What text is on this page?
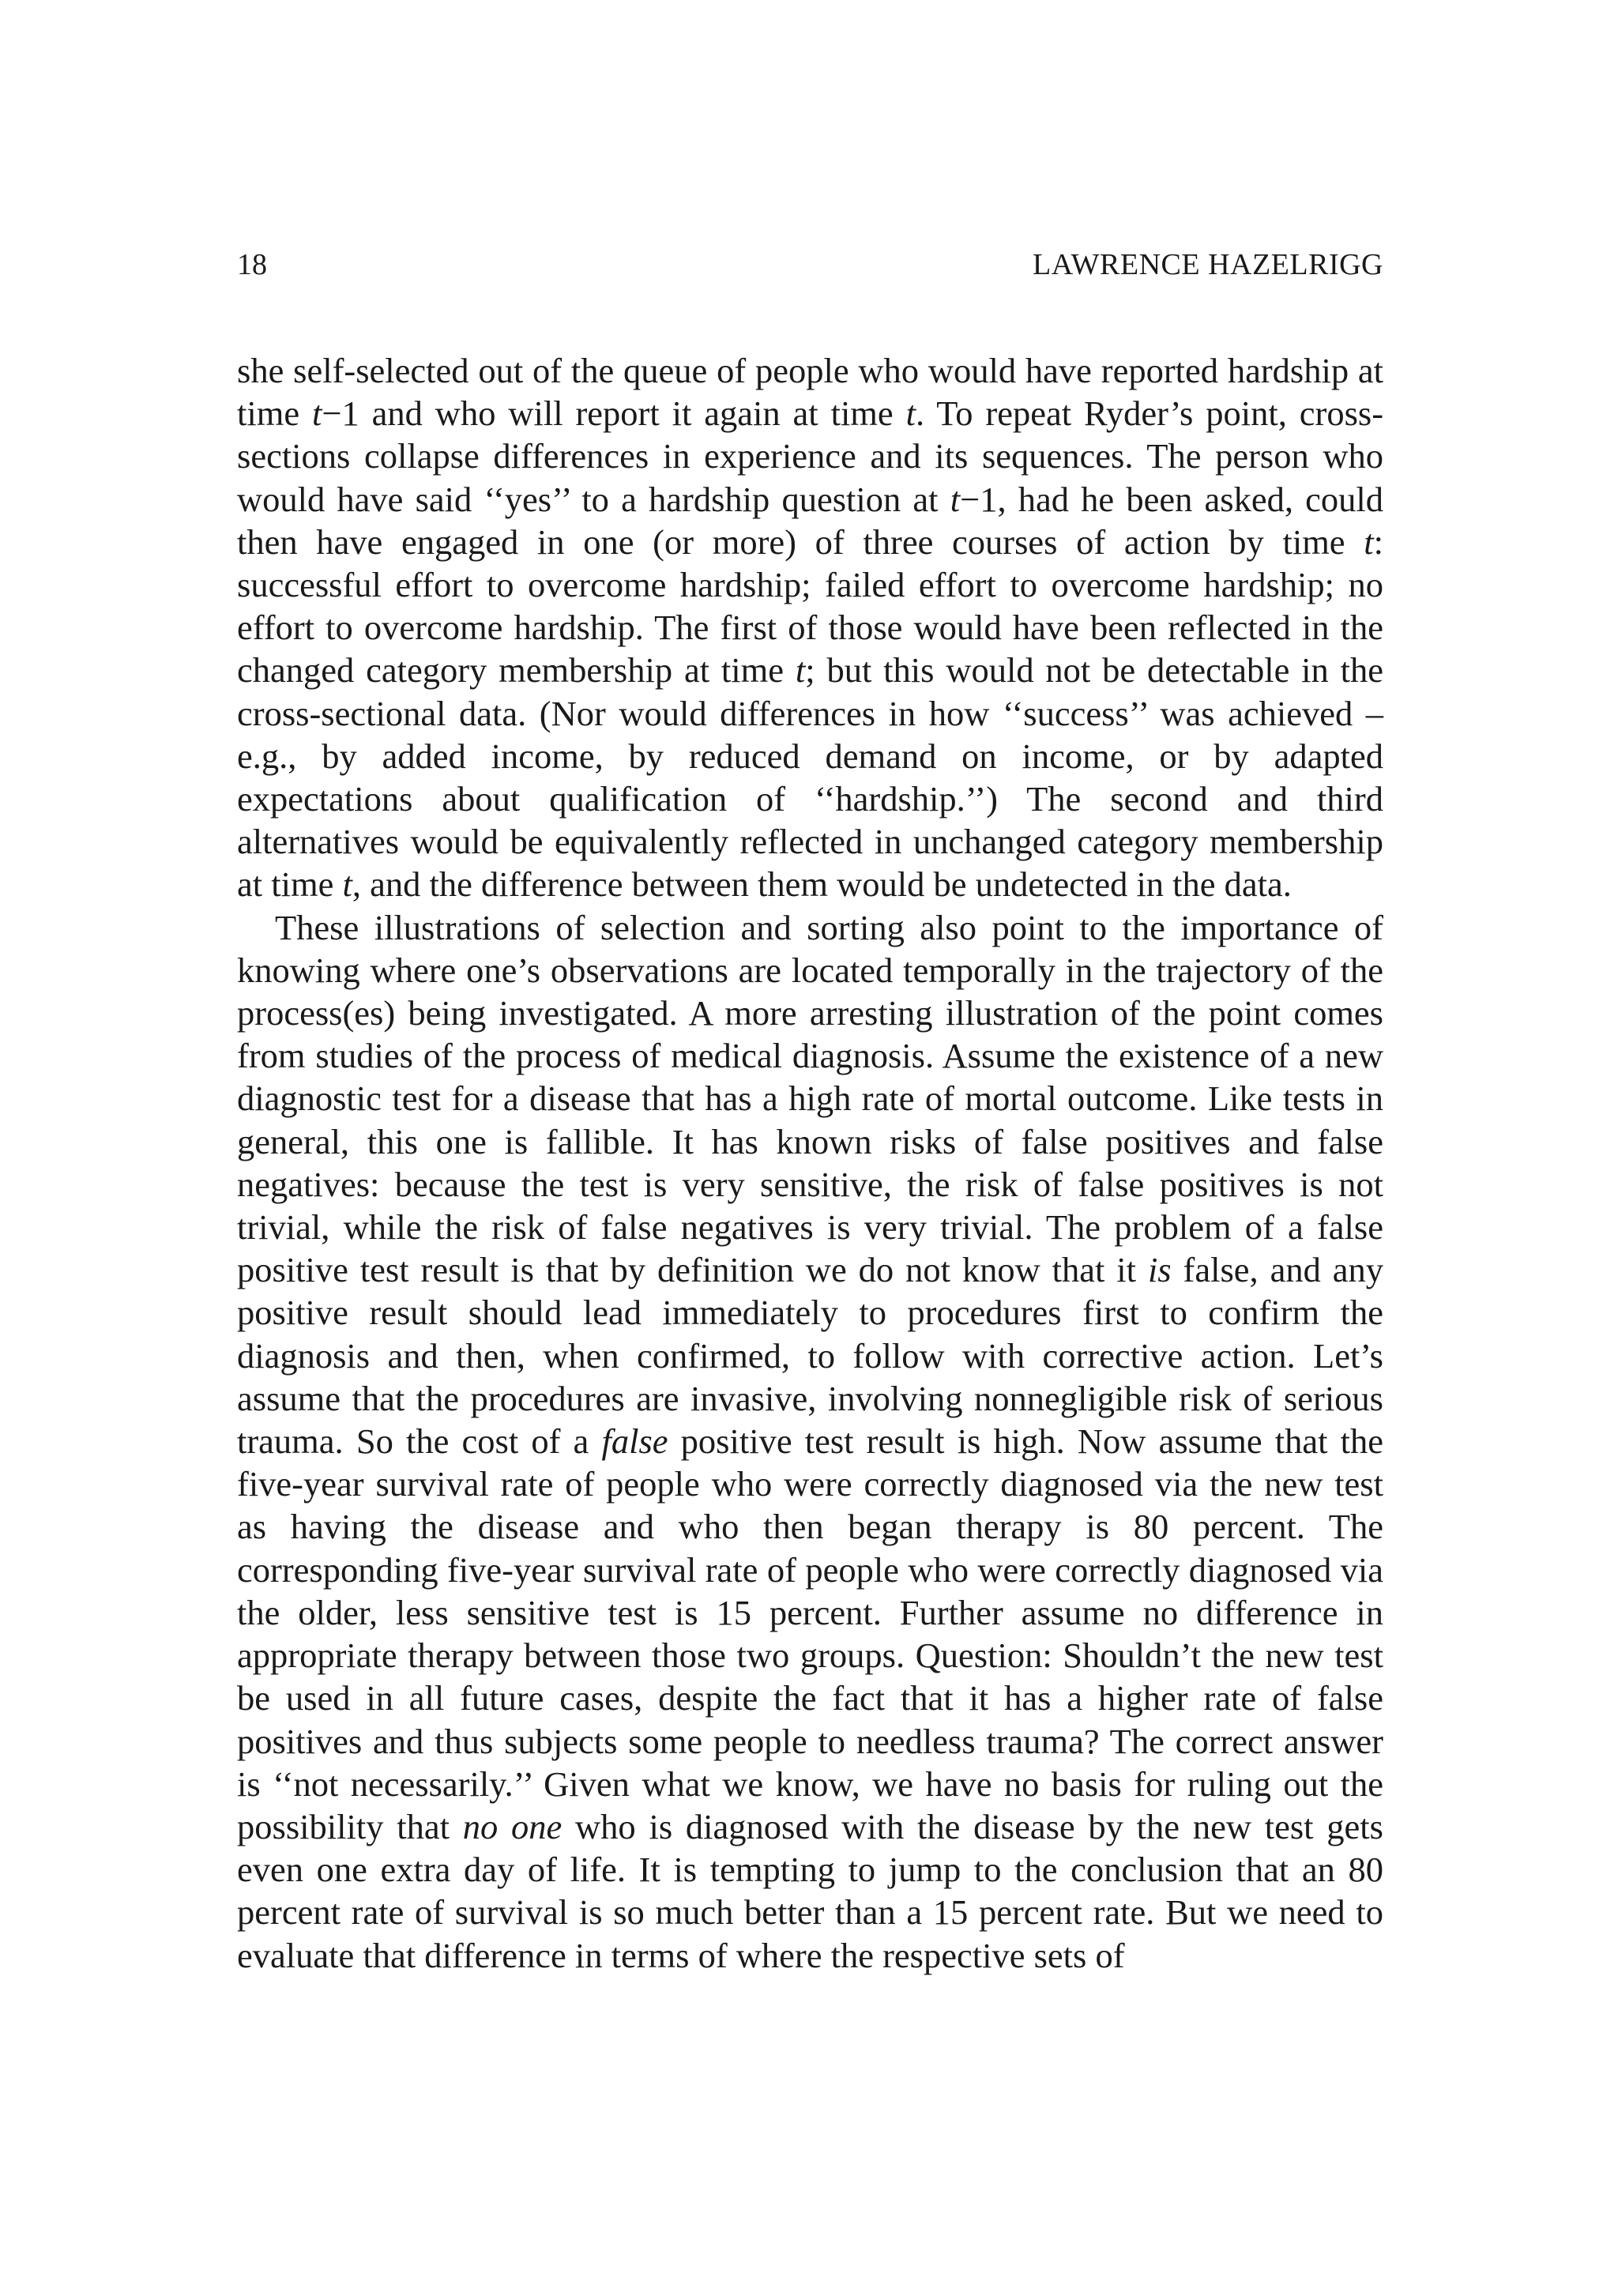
18	LAWRENCE HAZELRIGG

she self-selected out of the queue of people who would have reported hardship at time t−1 and who will report it again at time t. To repeat Ryder’s point, cross-sections collapse differences in experience and its sequences. The person who would have said ‘‘yes’’ to a hardship question at t−1, had he been asked, could then have engaged in one (or more) of three courses of action by time t: successful effort to overcome hardship; failed effort to overcome hardship; no effort to overcome hardship. The first of those would have been reflected in the changed category membership at time t; but this would not be detectable in the cross-sectional data. (Nor would differences in how ‘‘success’’ was achieved – e.g., by added income, by reduced demand on income, or by adapted expectations about qualification of ‘‘hardship.’’) The second and third alternatives would be equivalently reflected in unchanged category membership at time t, and the difference between them would be undetected in the data.

These illustrations of selection and sorting also point to the importance of knowing where one’s observations are located temporally in the trajectory of the process(es) being investigated. A more arresting illustration of the point comes from studies of the process of medical diagnosis. Assume the existence of a new diagnostic test for a disease that has a high rate of mortal outcome. Like tests in general, this one is fallible. It has known risks of false positives and false negatives: because the test is very sensitive, the risk of false positives is not trivial, while the risk of false negatives is very trivial. The problem of a false positive test result is that by definition we do not know that it is false, and any positive result should lead immediately to procedures first to confirm the diagnosis and then, when confirmed, to follow with corrective action. Let’s assume that the procedures are invasive, involving nonnegligible risk of serious trauma. So the cost of a false positive test result is high. Now assume that the five-year survival rate of people who were correctly diagnosed via the new test as having the disease and who then began therapy is 80 percent. The corresponding five-year survival rate of people who were correctly diagnosed via the older, less sensitive test is 15 percent. Further assume no difference in appropriate therapy between those two groups. Question: Shouldn’t the new test be used in all future cases, despite the fact that it has a higher rate of false positives and thus subjects some people to needless trauma? The correct answer is ‘‘not necessarily.’’ Given what we know, we have no basis for ruling out the possibility that no one who is diagnosed with the disease by the new test gets even one extra day of life. It is tempting to jump to the conclusion that an 80 percent rate of survival is so much better than a 15 percent rate. But we need to evaluate that difference in terms of where the respective sets of
